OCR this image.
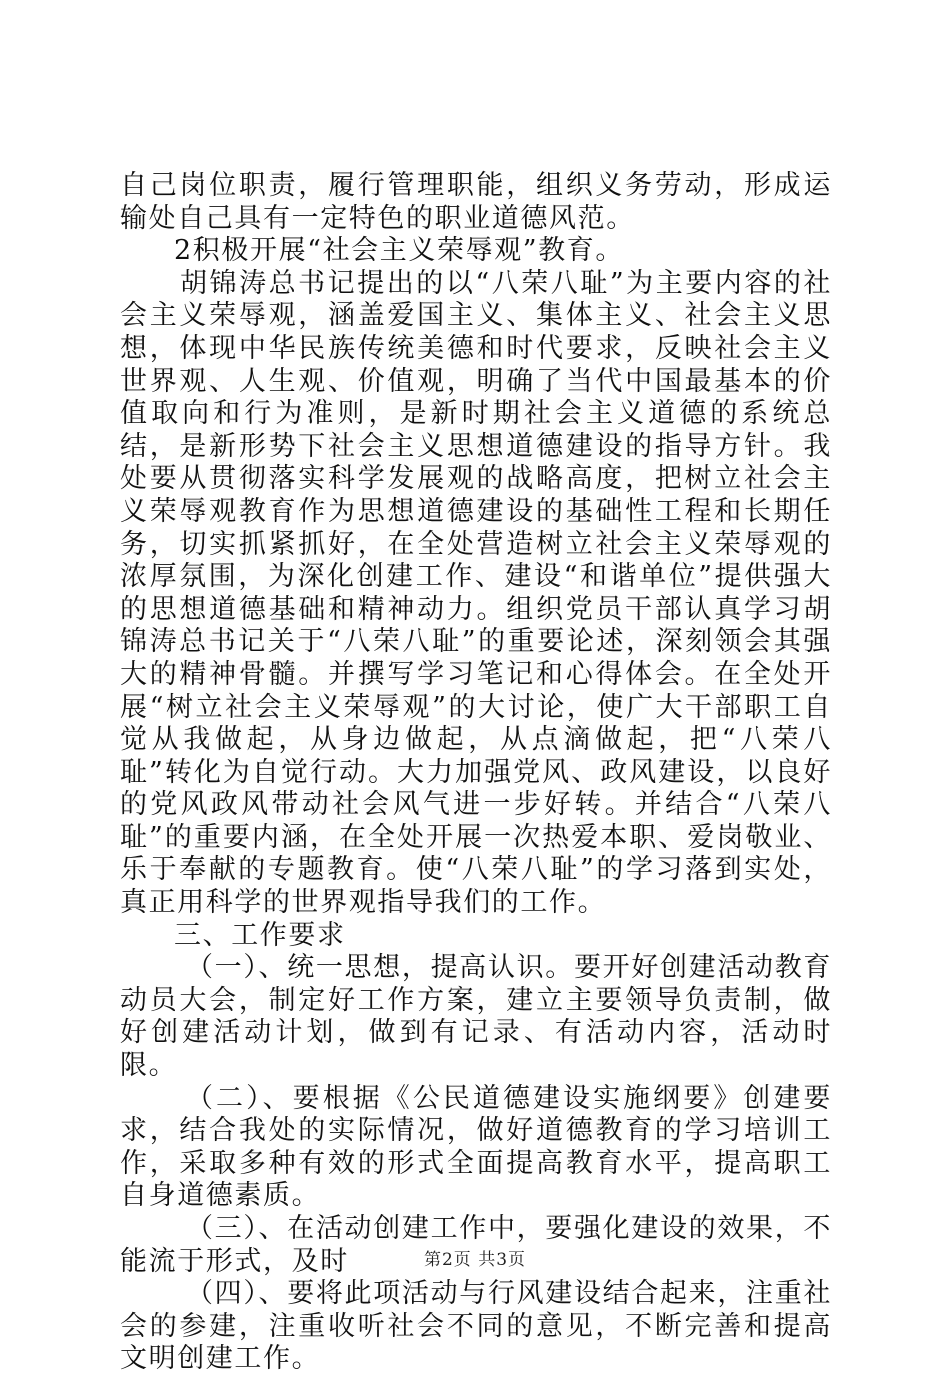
自己岗位职责，履行管理职能，组织义务劳动，形成运输处自己具有一定特色的职业道德风范。

2积极开展“社会主义荣辱观”教育。

胡锦涛总书记提出的以“八荣八耻”为主要内容的社会主义荣辱观，涵盖爱国主义、集体主义、社会主义思想，体现中华民族传统美德和时代要求，反映社会主义世界观、人生观、价值观，明确了当代中国最基本的价值取向和行为准则，是新时期社会主义道德的系统总结，是新形势下社会主义思想道德建设的指导方针。我处要从贯彻落实科学发展观的战略高度，把树立社会主义荣辱观教育作为思想道德建设的基础性工程和长期任务，切实抓紧抓好，在全处营造树立社会主义荣辱观的浓厚氛围，为深化创建工作、建设“和谐单位”提供强大的思想道德基础和精神动力。组织党员干部认真学习胡锦涛总书记关于“八荣八耻”的重要论述，深刻领会其强大的精神骨髓。并撰写学习笔记和心得体会。在全处开展“树立社会主义荣辱观”的大讨论，使广大干部职工自觉从我做起，从身边做起，从点滴做起，把“八荣八耻”转化为自觉行动。大力加强党风、政风建设，以良好的党风政风带动社会风气进一步好转。并结合“八荣八耻”的重要内涵，在全处开展一次热爱本职、爱岗敬业、乐于奉献的专题教育。使“八荣八耻”的学习落到实处，真正用科学的世界观指导我们的工作。

三、工作要求

（一）、统一思想，提高认识。要开好创建活动教育动员大会，制定好工作方案，建立主要领导负责制，做好创建活动计划，做到有记录、有活动内容，活动时限。

（二）、要根据《公民道德建设实施纲要》创建要求，结合我处的实际情况，做好道德教育的学习培训工作，采取多种有效的形式全面提高教育水平，提高职工自身道德素质。

（三）、在活动创建工作中，要强化建设的效果，不能流于形式，及时

（四）、要将此项活动与行风建设结合起来，注重社会的参建，注重收听社会不同的意见，不断完善和提高文明创建工作。

第2页 共3页
